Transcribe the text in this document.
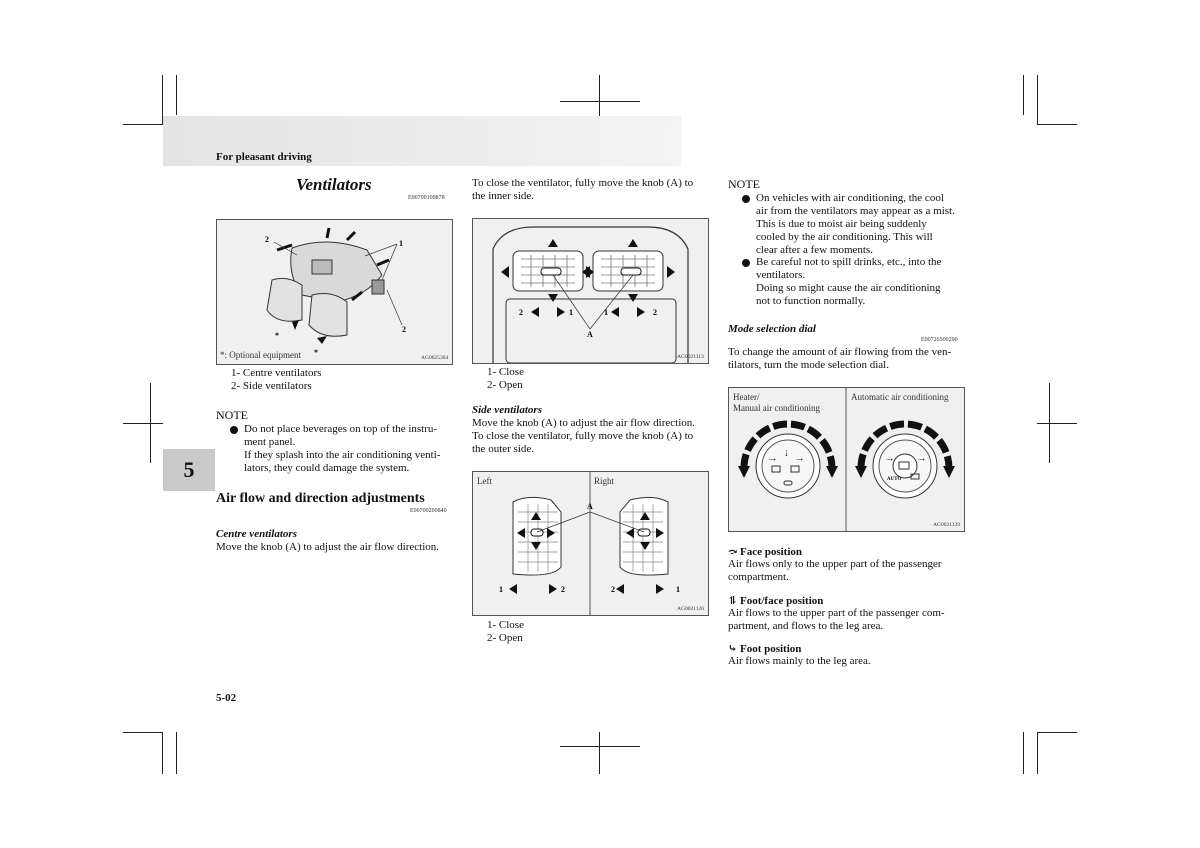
For pleasant driving
5
Ventilators
E00700100878
2	1
2
*
*
*: Optional equipment	AG0025364
1- Centre ventilators
2- Side ventilators
NOTE
Do not place beverages on top of the instru-
ment panel.
If they splash into the air conditioning venti-
lators, they could damage the system.
Air flow and direction adjustments
E00700200840
Centre ventilators
Move the knob (A) to adjust the air flow direction.
5-02
To close the ventilator, fully move the knob (A) to
the inner side.
2	1	1	2
A
AG0021113
1- Close
2- Open
Side ventilators
Move the knob (A) to adjust the air flow direction.
To close the ventilator, fully move the knob (A) to
the outer side.
A
1	2	2	1
Left	Right
AG0021126
1- Close
2- Open
NOTE
On vehicles with air conditioning, the cool
air from the ventilators may appear as a mist.
This is due to moist air being suddenly
cooled by the air conditioning. This will
clear after a few moments.
Be careful not to spill drinks, etc., into the
ventilators.
Doing so might cause the air conditioning
not to function normally.
Mode selection dial
E00726500290
To change the amount of air flowing from the ven-
tilators, turn the mode selection dial.
⇢
⇣
⇢	⇢	⇢
AUTO
Heater/
Manual air conditioning
Automatic air conditioning
AG0021139
⤼ Face position
Air flows only to the upper part of the passenger
compartment.
⥮ Foot/face position
Air flows to the upper part of the passenger com-
partment, and flows to the leg area.
⤷ Foot position
Air flows mainly to the leg area.
